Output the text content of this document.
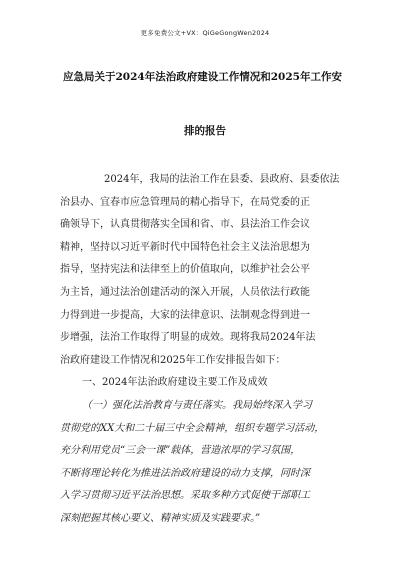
更多免费公文+VX：QiGeGongWen2024
应急局关于2024年法治政府建设工作情况和2025年工作安
排的报告
2024年，我局的法治工作在县委、县政府、县委依法
治县办、宜春市应急管理局的精心指导下，在局党委的正
确领导下，认真贯彻落实全国和省、市、县法治工作会议
精神，坚持以习近平新时代中国特色社会主义法治思想为
指导，坚持宪法和法律至上的价值取向，以维护社会公平
为主旨，通过法治创建活动的深入开展，人员依法行政能
力得到进一步提高，大家的法律意识、法制观念得到进一
步增强，法治工作取得了明显的成效。现将我局2024年法
治政府建设工作情况和2025年工作安排报告如下：
一、2024年法治政府建设主要工作及成效
（一）强化法治教育与责任落实。我局始终深入学习
贯彻党的XX大和二十届三中全会精神，组织专题学习活动，
充分利用党员“三会一课”载体，营造浓厚的学习氛围，
不断将理论转化为推进法治政府建设的动力支撑，同时深
入学习贯彻习近平法治思想。采取多种方式促使干部职工
深刻把握其核心要义、精神实质及实践要求。”
